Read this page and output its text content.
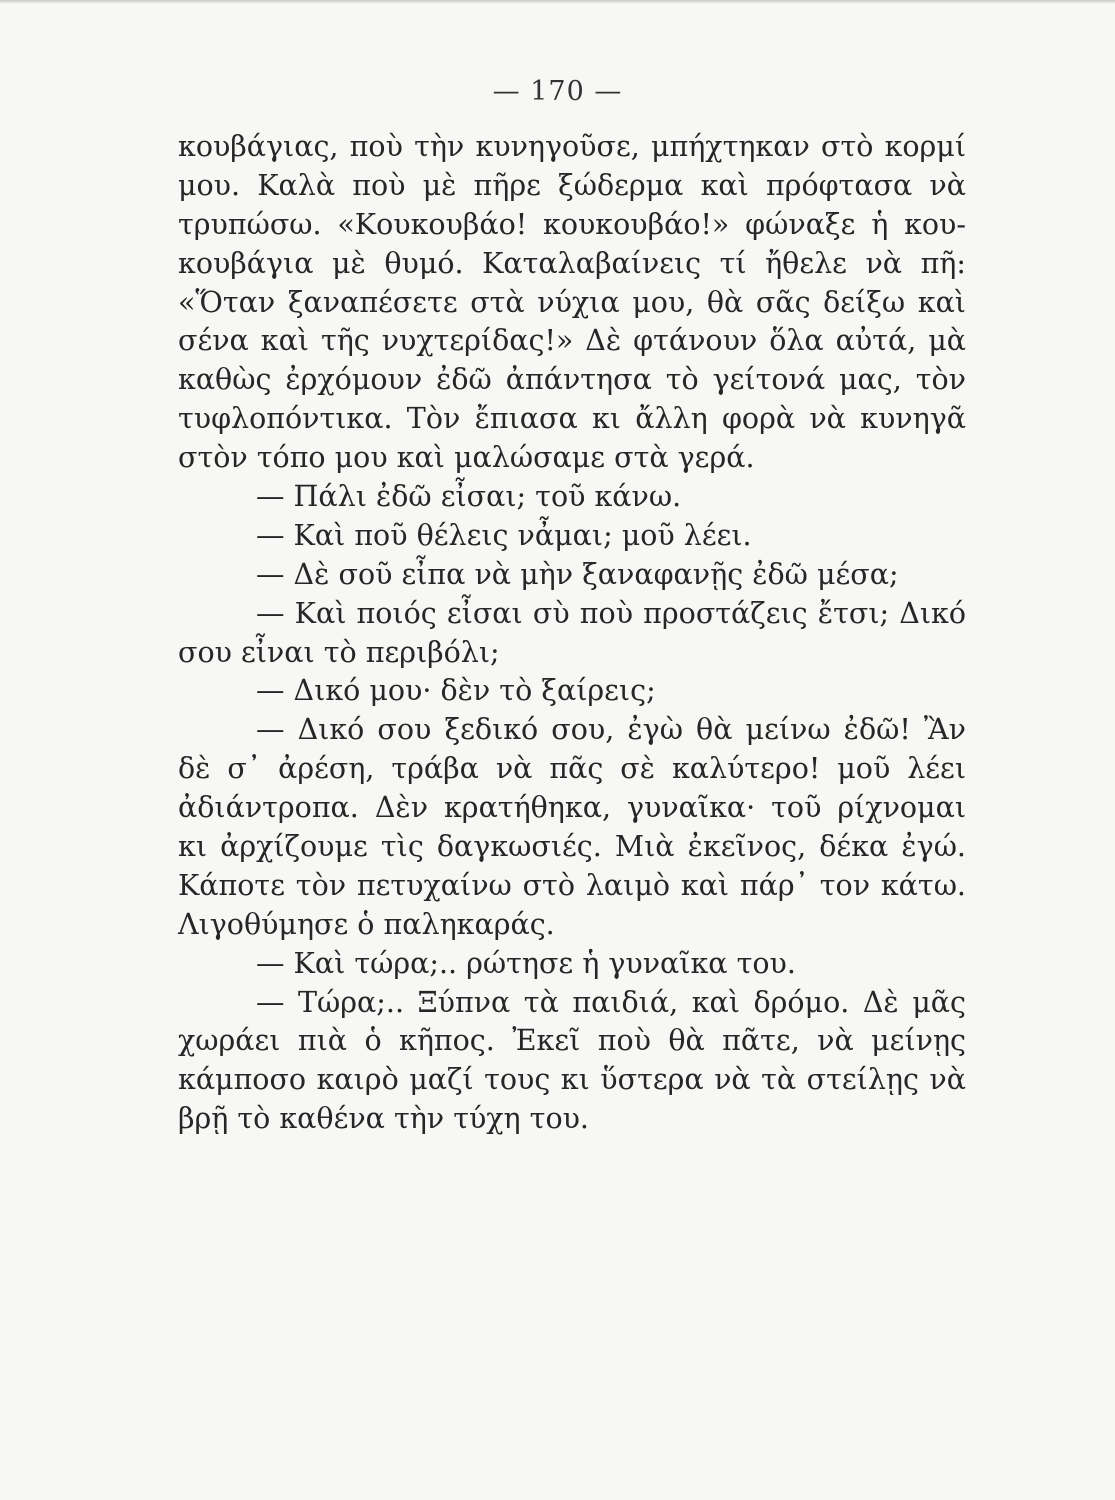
— 170 —
κουβάγιας, ποὺ τὴν κυνηγοῦσε, μπήχτηκαν στὸ κορμί
μου. Καλὰ ποὺ μὲ πῆρε ξώδερμα καὶ πρόφτασα νὰ
τρυπώσω. «Κουκουβάο! κουκουβάο!» φώναξε ἡ κου-
κουβάγια μὲ θυμό. Καταλαβαίνεις τί ἤθελε νὰ πῆ:
«Ὅταν ξαναπέσετε στὰ νύχια μου, θὰ σᾶς δείξω καὶ
σένα καὶ τῆς νυχτερίδας!» Δὲ φτάνουν ὅλα αὐτά, μὰ
καθὼς ἐρχόμουν ἐδῶ ἀπάντησα τὸ γείτονά μας, τὸν
τυφλοπόντικα. Τὸν ἔπιασα κι ἄλλη φορὰ νὰ κυνηγᾶ
στὸν τόπο μου καὶ μαλώσαμε στὰ γερά.
— Πάλι ἐδῶ εἶσαι; τοῦ κάνω.
— Καὶ ποῦ θέλεις νἆμαι; μοῦ λέει.
— Δὲ σοῦ εἶπα νὰ μὴν ξαναφανῇς ἐδῶ μέσα;
— Καὶ ποιός εἶσαι σὺ ποὺ προστάζεις ἔτσι; Δικό
σου εἶναι τὸ περιβόλι;
— Δικό μου· δὲν τὸ ξαίρεις;
— Δικό σου ξεδικό σου, ἐγὼ θὰ μείνω ἐδῶ! Ἂν
δὲ σ᾽ ἀρέση, τράβα νὰ πᾶς σὲ καλύτερο! μοῦ λέει
ἀδιάντροπα. Δὲν κρατήθηκα, γυναῖκα· τοῦ ρίχνομαι
κι ἀρχίζουμε τὶς δαγκωσιές. Μιὰ ἐκεῖνος, δέκα ἐγώ.
Κάποτε τὸν πετυχαίνω στὸ λαιμὸ καὶ πάρ᾽ τον κάτω.
Λιγοθύμησε ὁ παληκαράς.
— Καὶ τώρα;.. ρώτησε ἡ γυναῖκα του.
— Τώρα;.. Ξύπνα τὰ παιδιά, καὶ δρόμο. Δὲ μᾶς
χωράει πιὰ ὁ κῆπος. Ἐκεῖ ποὺ θὰ πᾶτε, νὰ μείνῃς
κάμποσο καιρὸ μαζί τους κι ὕστερα νὰ τὰ στείλῃς νὰ
βρῇ τὸ καθένα τὴν τύχη του.
